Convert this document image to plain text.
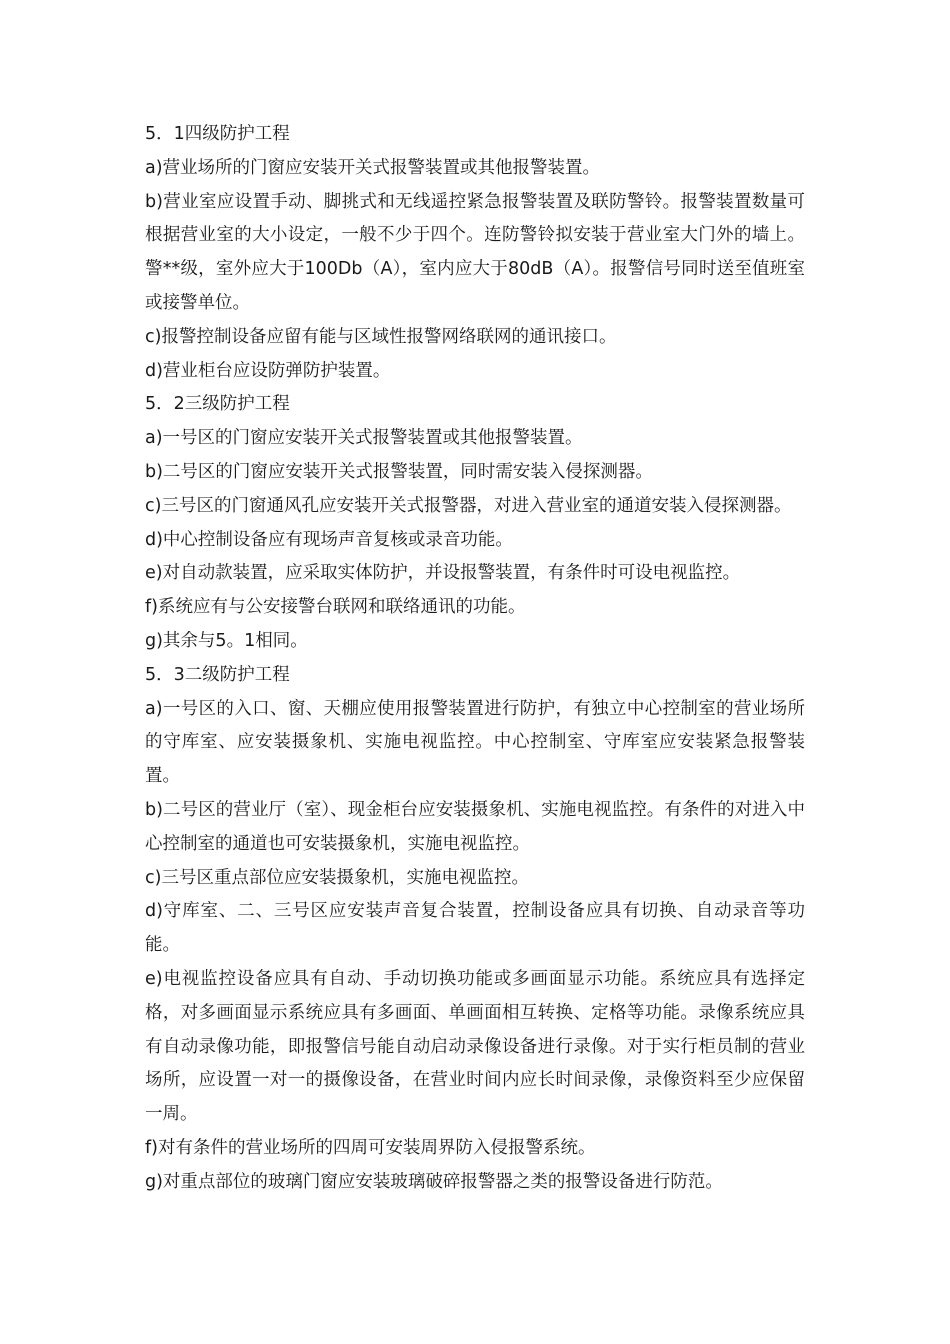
5．1四级防护工程

a)营业场所的门窗应安装开关式报警装置或其他报警装置。

b)营业室应设置手动、脚挑式和无线遥控紧急报警装置及联防警铃。报警装置数量可根据营业室的大小设定，一般不少于四个。连防警铃拟安装于营业室大门外的墙上。警**级，室外应大于100Db（A），室内应大于80dB（A）。报警信号同时送至值班室或接警单位。

c)报警控制设备应留有能与区域性报警网络联网的通讯接口。

d)营业柜台应设防弹防护装置。

5．2三级防护工程

a)一号区的门窗应安装开关式报警装置或其他报警装置。

b)二号区的门窗应安装开关式报警装置，同时需安装入侵探测器。

c)三号区的门窗通风孔应安装开关式报警器，对进入营业室的通道安装入侵探测器。

d)中心控制设备应有现场声音复核或录音功能。

e)对自动款装置，应采取实体防护，并设报警装置，有条件时可设电视监控。

f)系统应有与公安接警台联网和联络通讯的功能。

g)其余与5。1相同。

5．3二级防护工程

a)一号区的入口、窗、天棚应使用报警装置进行防护，有独立中心控制室的营业场所的守库室、应安装摄象机、实施电视监控。中心控制室、守库室应安装紧急报警装置。

b)二号区的营业厅（室）、现金柜台应安装摄象机、实施电视监控。有条件的对进入中心控制室的通道也可安装摄象机，实施电视监控。

c)三号区重点部位应安装摄象机，实施电视监控。

d)守库室、二、三号区应安装声音复合装置，控制设备应具有切换、自动录音等功能。

e)电视监控设备应具有自动、手动切换功能或多画面显示功能。系统应具有选择定格，对多画面显示系统应具有多画面、单画面相互转换、定格等功能。录像系统应具有自动录像功能，即报警信号能自动启动录像设备进行录像。对于实行柜员制的营业场所，应设置一对一的摄像设备，在营业时间内应长时间录像，录像资料至少应保留一周。

f)对有条件的营业场所的四周可安装周界防入侵报警系统。

g)对重点部位的玻璃门窗应安装玻璃破碎报警器之类的报警设备进行防范。
